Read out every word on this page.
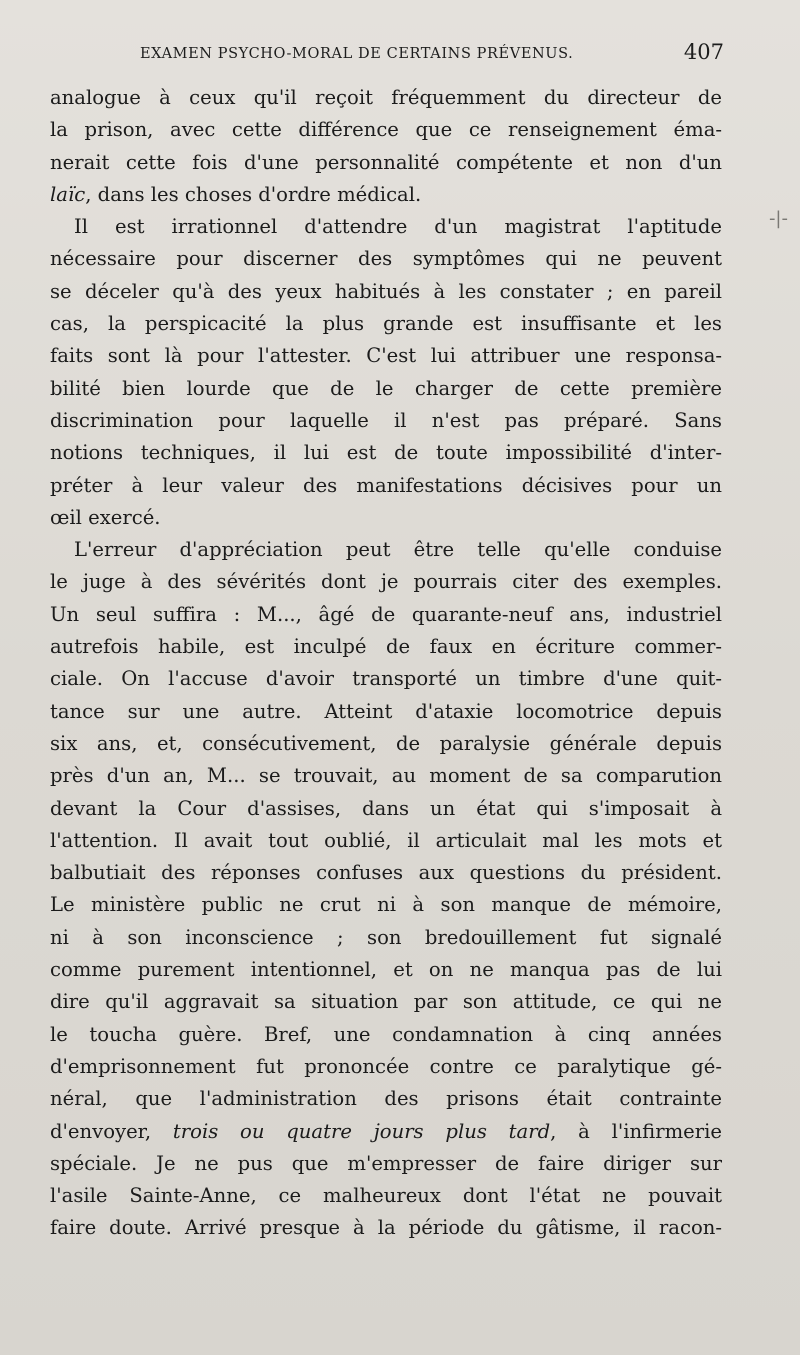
EXAMEN PSYCHO-MORAL DE CERTAINS PRÉVENUS.	407
-|-
analogue à ceux qu'il reçoit fréquemment du directeur de
la prison, avec cette différence que ce renseignement éma-
nerait cette fois d'une personnalité compétente et non d'un
laïc, dans les choses d'ordre médical.
Il est irrationnel d'attendre d'un magistrat l'aptitude
nécessaire pour discerner des symptômes qui ne peuvent
se déceler qu'à des yeux habitués à les constater ; en pareil
cas, la perspicacité la plus grande est insuffisante et les
faits sont là pour l'attester. C'est lui attribuer une responsa-
bilité bien lourde que de le charger de cette première
discrimination pour laquelle il n'est pas préparé. Sans
notions techniques, il lui est de toute impossibilité d'inter-
préter à leur valeur des manifestations décisives pour un
œil exercé.
L'erreur d'appréciation peut être telle qu'elle conduise
le juge à des sévérités dont je pourrais citer des exemples.
Un seul suffira : M..., âgé de quarante-neuf ans, industriel
autrefois habile, est inculpé de faux en écriture commer-
ciale. On l'accuse d'avoir transporté un timbre d'une quit-
tance sur une autre. Atteint d'ataxie locomotrice depuis
six ans, et, consécutivement, de paralysie générale depuis
près d'un an, M... se trouvait, au moment de sa comparution
devant la Cour d'assises, dans un état qui s'imposait à
l'attention. Il avait tout oublié, il articulait mal les mots et
balbutiait des réponses confuses aux questions du président.
Le ministère public ne crut ni à son manque de mémoire,
ni à son inconscience ; son bredouillement fut signalé
comme purement intentionnel, et on ne manqua pas de lui
dire qu'il aggravait sa situation par son attitude, ce qui ne
le toucha guère. Bref, une condamnation à cinq années
d'emprisonnement fut prononcée contre ce paralytique gé-
néral, que l'administration des prisons était contrainte
d'envoyer, trois ou quatre jours plus tard, à l'infirmerie
spéciale. Je ne pus que m'empresser de faire diriger sur
l'asile Sainte-Anne, ce malheureux dont l'état ne pouvait
faire doute. Arrivé presque à la période du gâtisme, il racon-
